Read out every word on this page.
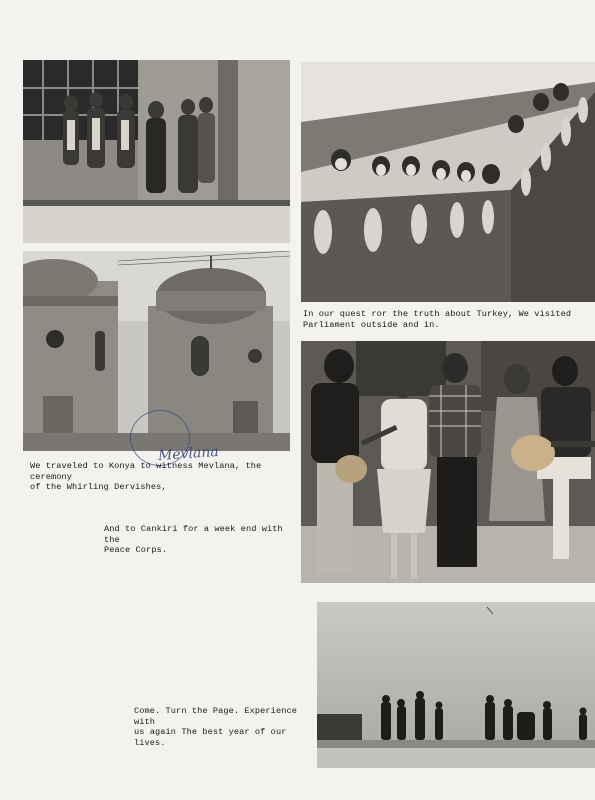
In our quest ror the truth about Turkey, We visited
Parliament outside and in.
Mevlana
We traveled to Konya to witness Mevlana, the ceremony
of the Whirling Dervishes,
And to Cankiri for a week end with the
Peace Corps.
Come. Turn the Page. Experience with
us again The best year of our lives.
